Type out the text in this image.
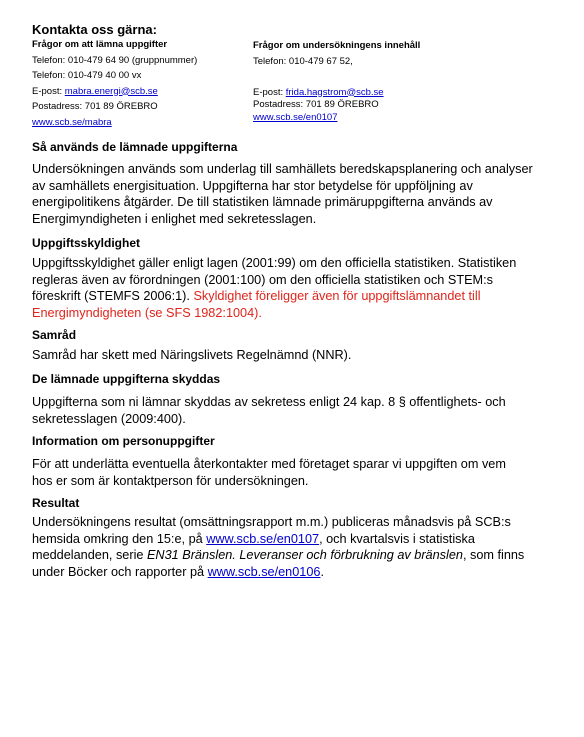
Kontakta oss gärna:
Frågor om att lämna uppgifter
Telefon: 010-479 64 90 (gruppnummer)
Telefon: 010-479 40 00 vx
E-post: mabra.energi@scb.se
Postadress: 701 89 ÖREBRO
www.scb.se/mabra
Frågor om undersökningens innehåll
Telefon: 010-479 67 52,

E-post: frida.hagstrom@scb.se
Postadress: 701 89 ÖREBRO
www.scb.se/en0107
Så används de lämnade uppgifterna
Undersökningen används som underlag till samhällets beredskapsplanering och analyser
av samhällets energisituation. Uppgifterna har stor betydelse för uppföljning av
energipolitikens åtgärder. De till statistiken lämnade primäruppgifterna används av
Energimyndigheten i enlighet med sekretesslagen.
Uppgiftsskyldighet
Uppgiftsskyldighet gäller enligt lagen (2001:99) om den officiella statistiken. Statistiken
regleras även av förordningen (2001:100) om den officiella statistiken och STEM:s
föreskrift (STEMFS 2006:1). Skyldighet föreligger även för uppgiftslämnandet till
Energimyndigheten (se SFS 1982:1004).
Samråd
Samråd har skett med Näringslivets Regelnämnd (NNR).
De lämnade uppgifterna skyddas
Uppgifterna som ni lämnar skyddas av sekretess enligt 24 kap. 8 § offentlighets- och
sekretesslagen (2009:400).
Information om personuppgifter
För att underlätta eventuella återkontakter med företaget sparar vi uppgiften om vem
hos er som är kontaktperson för undersökningen.
Resultat
Undersökningens resultat (omsättningsrapport m.m.) publiceras månadsvis på SCB:s
hemsida omkring den 15:e, på www.scb.se/en0107, och kvartalsvis i statistiska
meddelanden, serie EN31 Bränslen. Leveranser och förbrukning av bränslen, som finns
under Böcker och rapporter på www.scb.se/en0106.
